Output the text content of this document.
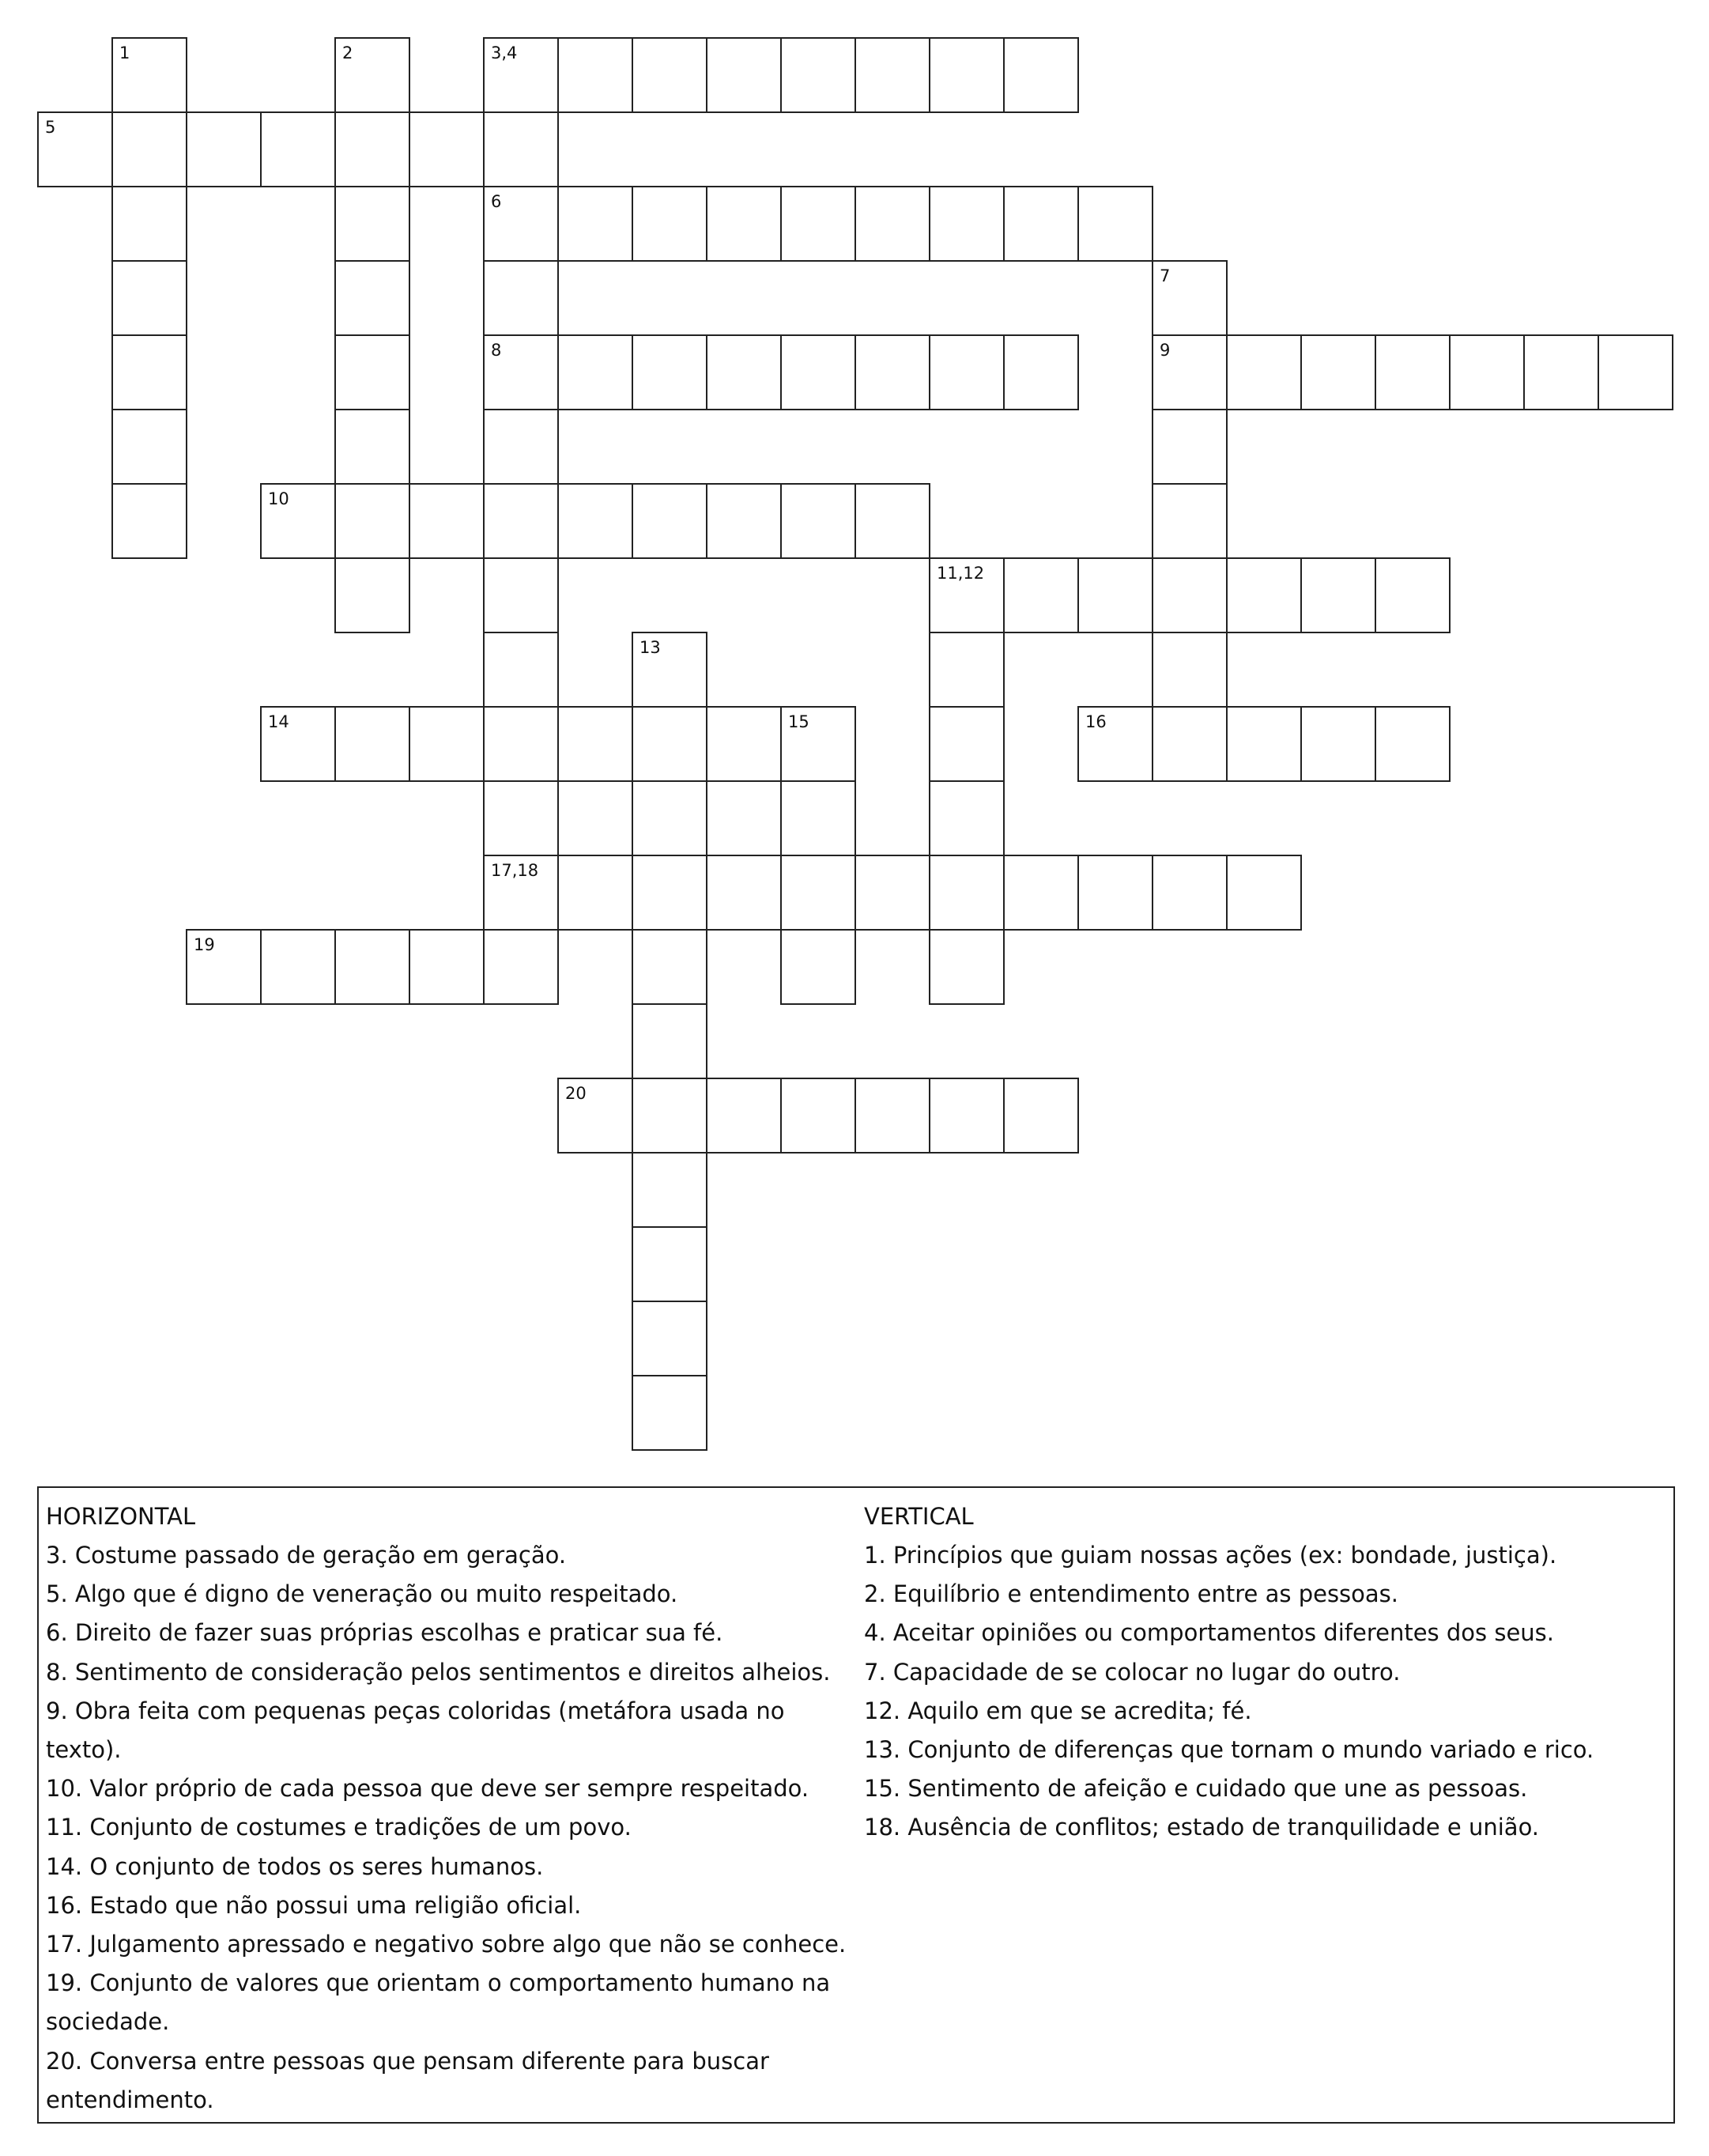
3,4
5
6
8	9
10
11,12
14	16
17,18
19
20
1	2
7
13
15
HORIZONTAL
3. Costume passado de geração em geração.
5. Algo que é digno de veneração ou muito respeitado.
6. Direito de fazer suas próprias escolhas e praticar sua fé.
8. Sentimento de consideração pelos sentimentos e direitos alheios.
9. Obra feita com pequenas peças coloridas (metáfora usada no texto).
10. Valor próprio de cada pessoa que deve ser sempre respeitado.
11. Conjunto de costumes e tradições de um povo.
14. O conjunto de todos os seres humanos.
16. Estado que não possui uma religião oficial.
17. Julgamento apressado e negativo sobre algo que não se conhece.
19. Conjunto de valores que orientam o comportamento humano na
sociedade.
20. Conversa entre pessoas que pensam diferente para buscar
entendimento.
VERTICAL
1. Princípios que guiam nossas ações (ex: bondade, justiça).
2. Equilíbrio e entendimento entre as pessoas.
4. Aceitar opiniões ou comportamentos diferentes dos seus.
7. Capacidade de se colocar no lugar do outro.
12. Aquilo em que se acredita; fé.
13. Conjunto de diferenças que tornam o mundo variado e rico.
15. Sentimento de afeição e cuidado que une as pessoas.
18. Ausência de conflitos; estado de tranquilidade e união.
